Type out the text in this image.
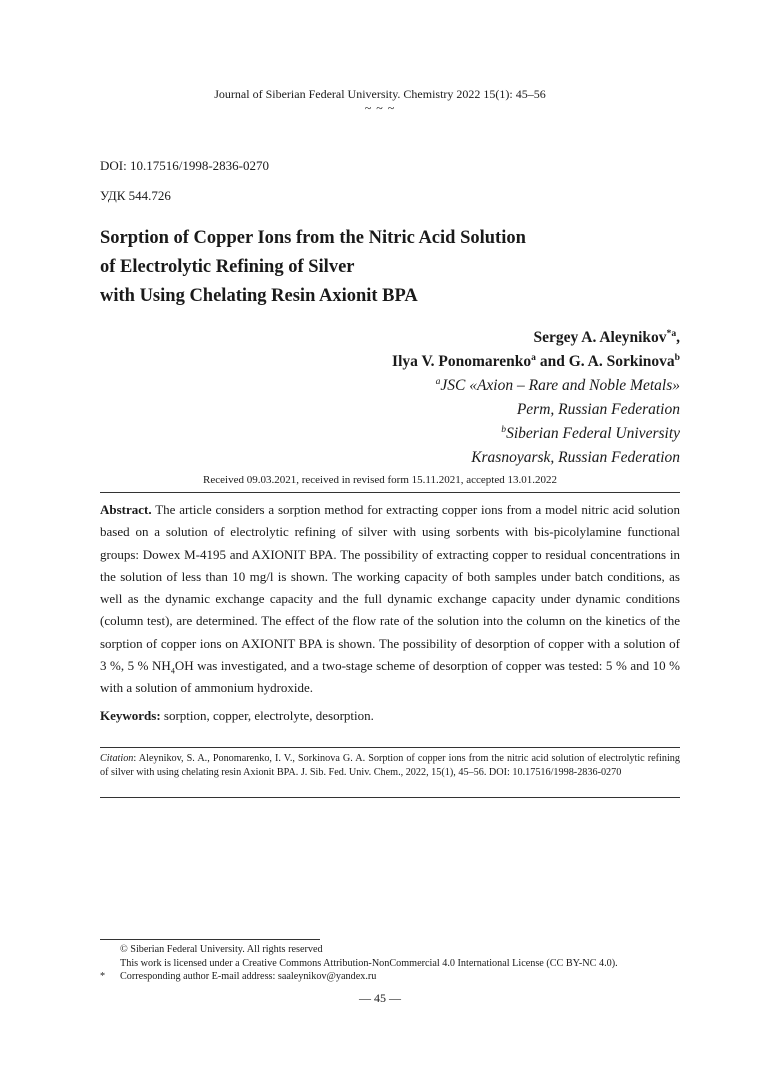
Journal of Siberian Federal University. Chemistry 2022 15(1): 45–56
~ ~ ~
DOI: 10.17516/1998-2836-0270
УДК 544.726
Sorption of Copper Ions from the Nitric Acid Solution
of Electrolytic Refining of Silver
with Using Chelating Resin Axionit BPA
Sergey A. Aleynikov$^{*a}$,
Ilya V. Ponomarenko$^a$ and G. A. Sorkinova$^b$
$^a$JSC «Axion – Rare and Noble Metals»
Perm, Russian Federation
$^b$Siberian Federal University
Krasnoyarsk, Russian Federation
Received 09.03.2021, received in revised form 15.11.2021, accepted 13.01.2022
Abstract. The article considers a sorption method for extracting copper ions from a model nitric acid solution based on a solution of electrolytic refining of silver with using sorbents with bis-picolylamine functional groups: Dowex M-4195 and AXIONIT BPA. The possibility of extracting copper to residual concentrations in the solution of less than 10 mg/l is shown. The working capacity of both samples under batch conditions, as well as the dynamic exchange capacity and the full dynamic exchange capacity under dynamic conditions (column test), are determined. The effect of the flow rate of the solution into the column on the kinetics of the sorption of copper ions on AXIONIT BPA is shown. The possibility of desorption of copper with a solution of 3 %, 5 % $NH_4OH$ was investigated, and a two-stage scheme of desorption of copper was tested: 5 % and 10 % with a solution of ammonium hydroxide.
Keywords: sorption, copper, electrolyte, desorption.
Citation: Aleynikov, S. A., Ponomarenko, I. V., Sorkinova G. A. Sorption of copper ions from the nitric acid solution of electrolytic refining of silver with using chelating resin Axionit BPA. J. Sib. Fed. Univ. Chem., 2022, 15(1), 45–56. DOI: 10.17516/1998-2836-0270
© Siberian Federal University. All rights reserved
This work is licensed under a Creative Commons Attribution-NonCommercial 4.0 International License (CC BY-NC 4.0).
*	Corresponding author E-mail address: saaleynikov@yandex.ru
— 45 —
